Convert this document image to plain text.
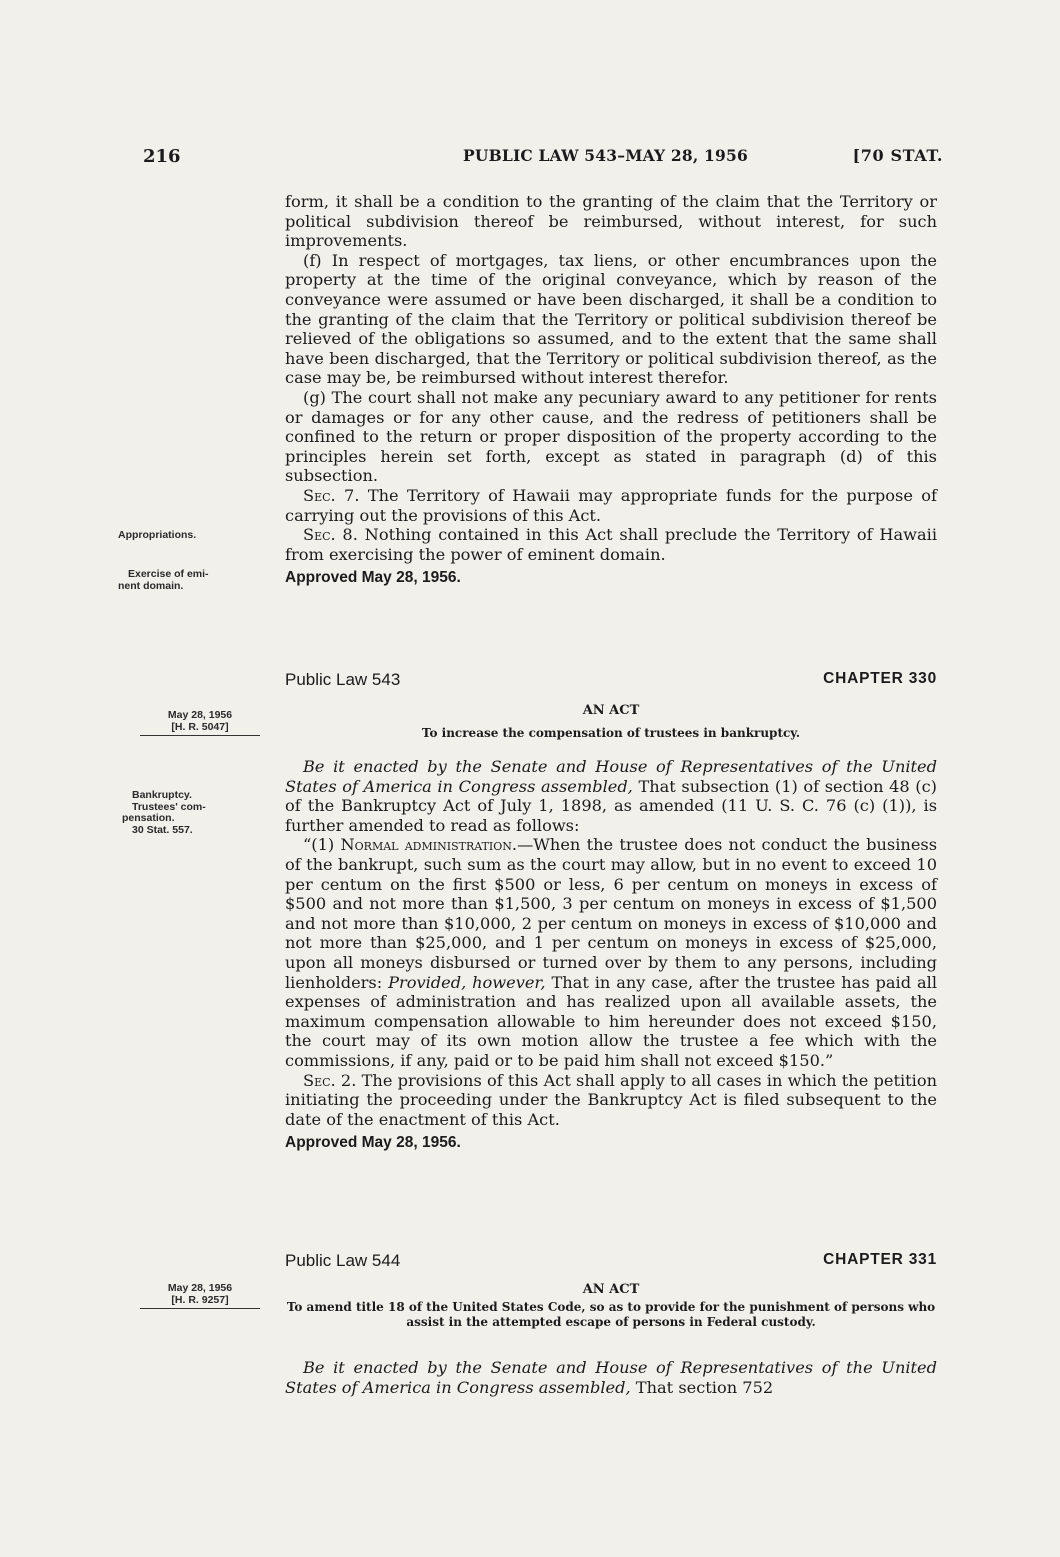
216	PUBLIC LAW 543–MAY 28, 1956	[70 STAT.

form, it shall be a condition to the granting of the claim that the Territory or political subdivision thereof be reimbursed, without interest, for such improvements.

(f) In respect of mortgages, tax liens, or other encumbrances upon the property at the time of the original conveyance, which by reason of the conveyance were assumed or have been discharged, it shall be a condition to the granting of the claim that the Territory or political subdivision thereof be relieved of the obligations so assumed, and to the extent that the same shall have been discharged, that the Territory or political subdivision thereof, as the case may be, be reimbursed without interest therefor.

(g) The court shall not make any pecuniary award to any petitioner for rents or damages or for any other cause, and the redress of petitioners shall be confined to the return or proper disposition of the property according to the principles herein set forth, except as stated in paragraph (d) of this subsection.

Sec. 7. The Territory of Hawaii may appropriate funds for the purpose of carrying out the provisions of this Act.

Sec. 8. Nothing contained in this Act shall preclude the Territory of Hawaii from exercising the power of eminent domain.

Approved May 28, 1956.

Appropriations.
Exercise of emi-
nent domain.
May 28, 1956
[H. R. 5047]
Bankruptcy.
Trustees' com-
pensation.
30 Stat. 557.
May 28, 1956
[H. R. 9257]
Public Law 543	CHAPTER 330
AN ACT
To increase the compensation of trustees in bankruptcy.

Be it enacted by the Senate and House of Representatives of the United States of America in Congress assembled, That subsection (1) of section 48 (c) of the Bankruptcy Act of July 1, 1898, as amended (11 U. S. C. 76 (c) (1)), is further amended to read as follows:

“(1) Normal administration.—When the trustee does not conduct the business of the bankrupt, such sum as the court may allow, but in no event to exceed 10 per centum on the first $500 or less, 6 per centum on moneys in excess of $500 and not more than $1,500, 3 per centum on moneys in excess of $1,500 and not more than $10,000, 2 per centum on moneys in excess of $10,000 and not more than $25,000, and 1 per centum on moneys in excess of $25,000, upon all moneys disbursed or turned over by them to any persons, including lienholders: Provided, however, That in any case, after the trustee has paid all expenses of administration and has realized upon all available assets, the maximum compensation allowable to him hereunder does not exceed $150, the court may of its own motion allow the trustee a fee which with the commissions, if any, paid or to be paid him shall not exceed $150.”

Sec. 2. The provisions of this Act shall apply to all cases in which the petition initiating the proceeding under the Bankruptcy Act is filed subsequent to the date of the enactment of this Act.

Approved May 28, 1956.

Public Law 544	CHAPTER 331
AN ACT
To amend title 18 of the United States Code, so as to provide for the punishment of persons who assist in the attempted escape of persons in Federal custody.

Be it enacted by the Senate and House of Representatives of the United States of America in Congress assembled, That section 752
